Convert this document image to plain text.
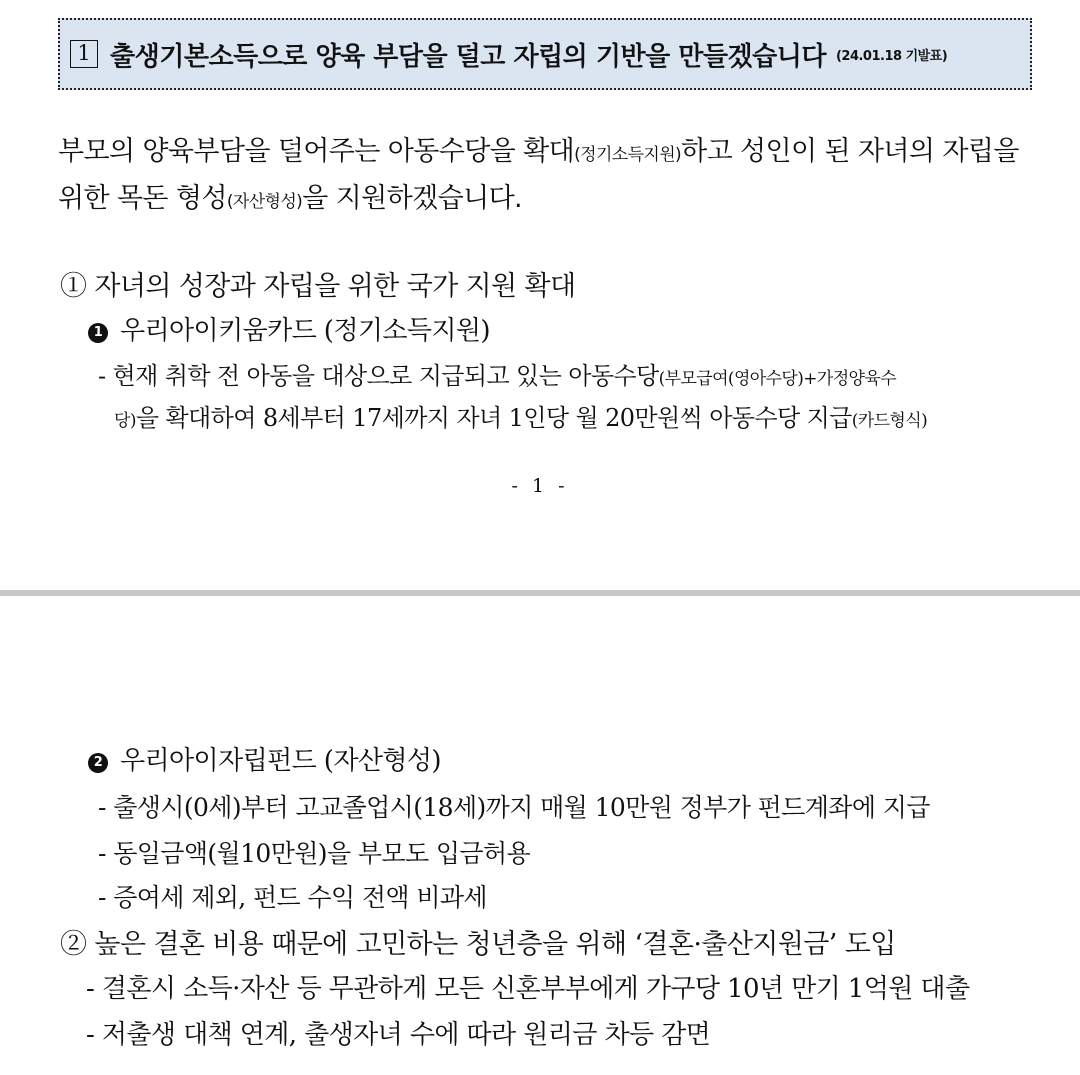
1 출생기본소득으로 양육 부담을 덜고 자립의 기반을 만들겠습니다 (24.01.18 기발표)
부모의 양육부담을 덜어주는 아동수당을 확대(정기소득지원)하고 성인이 된 자녀의 자립을 위한 목돈 형성(자산형성)을 지원하겠습니다.
① 자녀의 성장과 자립을 위한 국가 지원 확대
1 우리아이키움카드 (정기소득지원)
- 현재 취학 전 아동을 대상으로 지급되고 있는 아동수당(부모급여(영아수당)+가정양육수
당)을 확대하여 8세부터 17세까지 자녀 1인당 월 20만원씩 아동수당 지급(카드형식)
- 1 -
2 우리아이자립펀드 (자산형성)
- 출생시(0세)부터 고교졸업시(18세)까지 매월 10만원 정부가 펀드계좌에 지급
- 동일금액(월10만원)을 부모도 입금허용
- 증여세 제외, 펀드 수익 전액 비과세
② 높은 결혼 비용 때문에 고민하는 청년층을 위해 ‘결혼·출산지원금’ 도입
- 결혼시 소득·자산 등 무관하게 모든 신혼부부에게 가구당 10년 만기 1억원 대출
- 저출생 대책 연계, 출생자녀 수에 따라 원리금 차등 감면
